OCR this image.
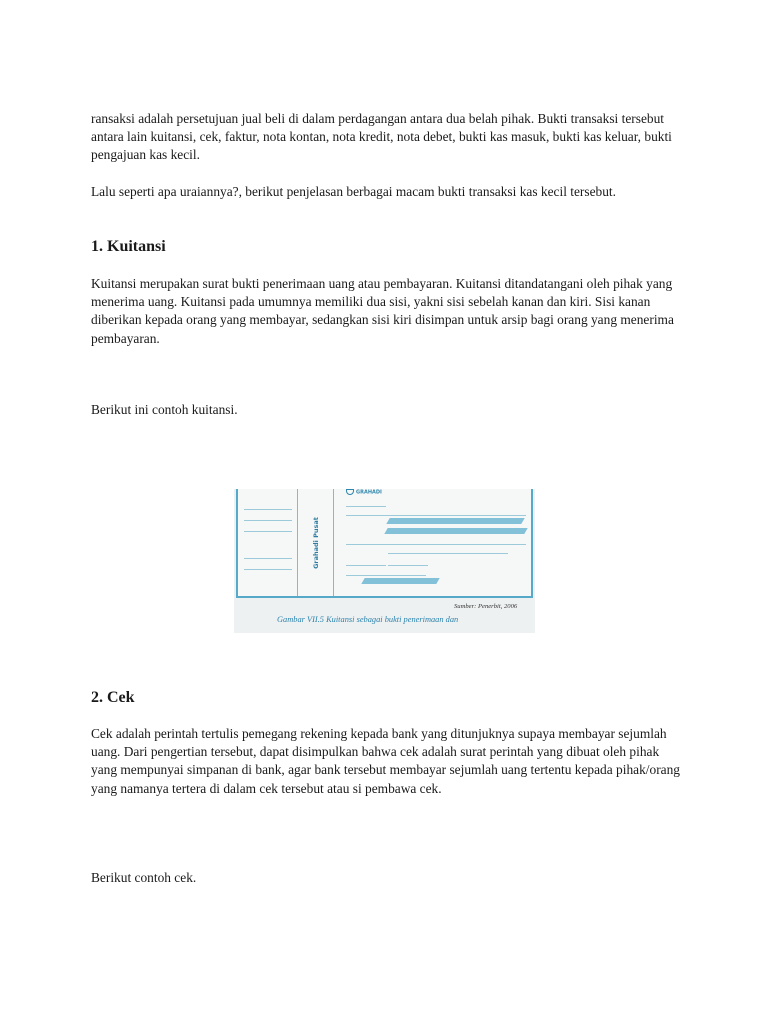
ransaksi adalah persetujuan jual beli di dalam perdagangan antara dua belah pihak. Bukti transaksi tersebut antara lain kuitansi, cek, faktur, nota kontan, nota kredit, nota debet, bukti kas masuk, bukti kas keluar, bukti pengajuan kas kecil.

Lalu seperti apa uraiannya?, berikut penjelasan berbagai macam bukti transaksi kas kecil tersebut.

1. Kuitansi

Kuitansi merupakan surat bukti penerimaan uang atau pembayaran. Kuitansi ditandatangani oleh pihak yang menerima uang. Kuitansi pada umumnya memiliki dua sisi, yakni sisi sebelah kanan dan kiri. Sisi kanan diberikan kepada orang yang membayar, sedangkan sisi kiri disimpan untuk arsip bagi orang yang menerima pembayaran.

Berikut ini contoh kuitansi.

Grahadi Pusat
GRAHADI
Sumber: Penerbit, 2006
Gambar VII.5 Kuitansi sebagai bukti penerimaan dan
2. Cek

Cek adalah perintah tertulis pemegang rekening kepada bank yang ditunjuknya supaya membayar sejumlah uang. Dari pengertian tersebut, dapat disimpulkan bahwa cek adalah surat perintah yang dibuat oleh pihak yang mempunyai simpanan di bank, agar bank tersebut membayar sejumlah uang tertentu kepada pihak/orang yang namanya tertera di dalam cek tersebut atau si pembawa cek.

Berikut contoh cek.
